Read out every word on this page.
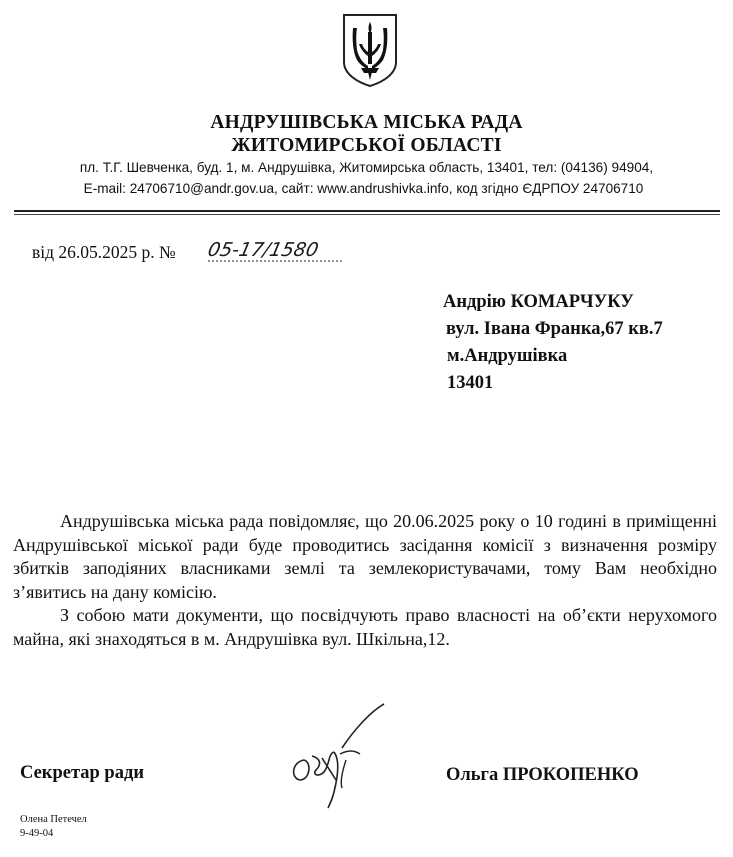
АНДРУШІВСЬКА МІСЬКА РАДА
ЖИТОМИРСЬКОЇ ОБЛАСТІ
пл. Т.Г. Шевченка, буд. 1, м. Андрушівка, Житомирська область, 13401, тел: (04136) 94904,
E-mail: 24706710@andr.gov.ua, сайт: www.andrushivka.info, код згідно ЄДРПОУ 24706710
від 26.05.2025 р. № 05-17/1580
Андрію КОМАРЧУКУ
вул. Івана Франка,67 кв.7
м.Андрушівка
13401

Андрушівська міська рада повідомляє, що 20.06.2025 року о 10 годині в приміщенні Андрушівської міської ради буде проводитись засідання комісії з визначення розміру збитків заподіяних власниками землі та землекористувачами, тому Вам необхідно з’явитись на дану комісію.

З собою мати документи, що посвідчують право власності на об’єкти нерухомого майна, які знаходяться в м. Андрушівка вул. Шкільна,12.

Секретар ради	Ольга ПРОКОПЕНКО
Олена Петечел
9-49-04
